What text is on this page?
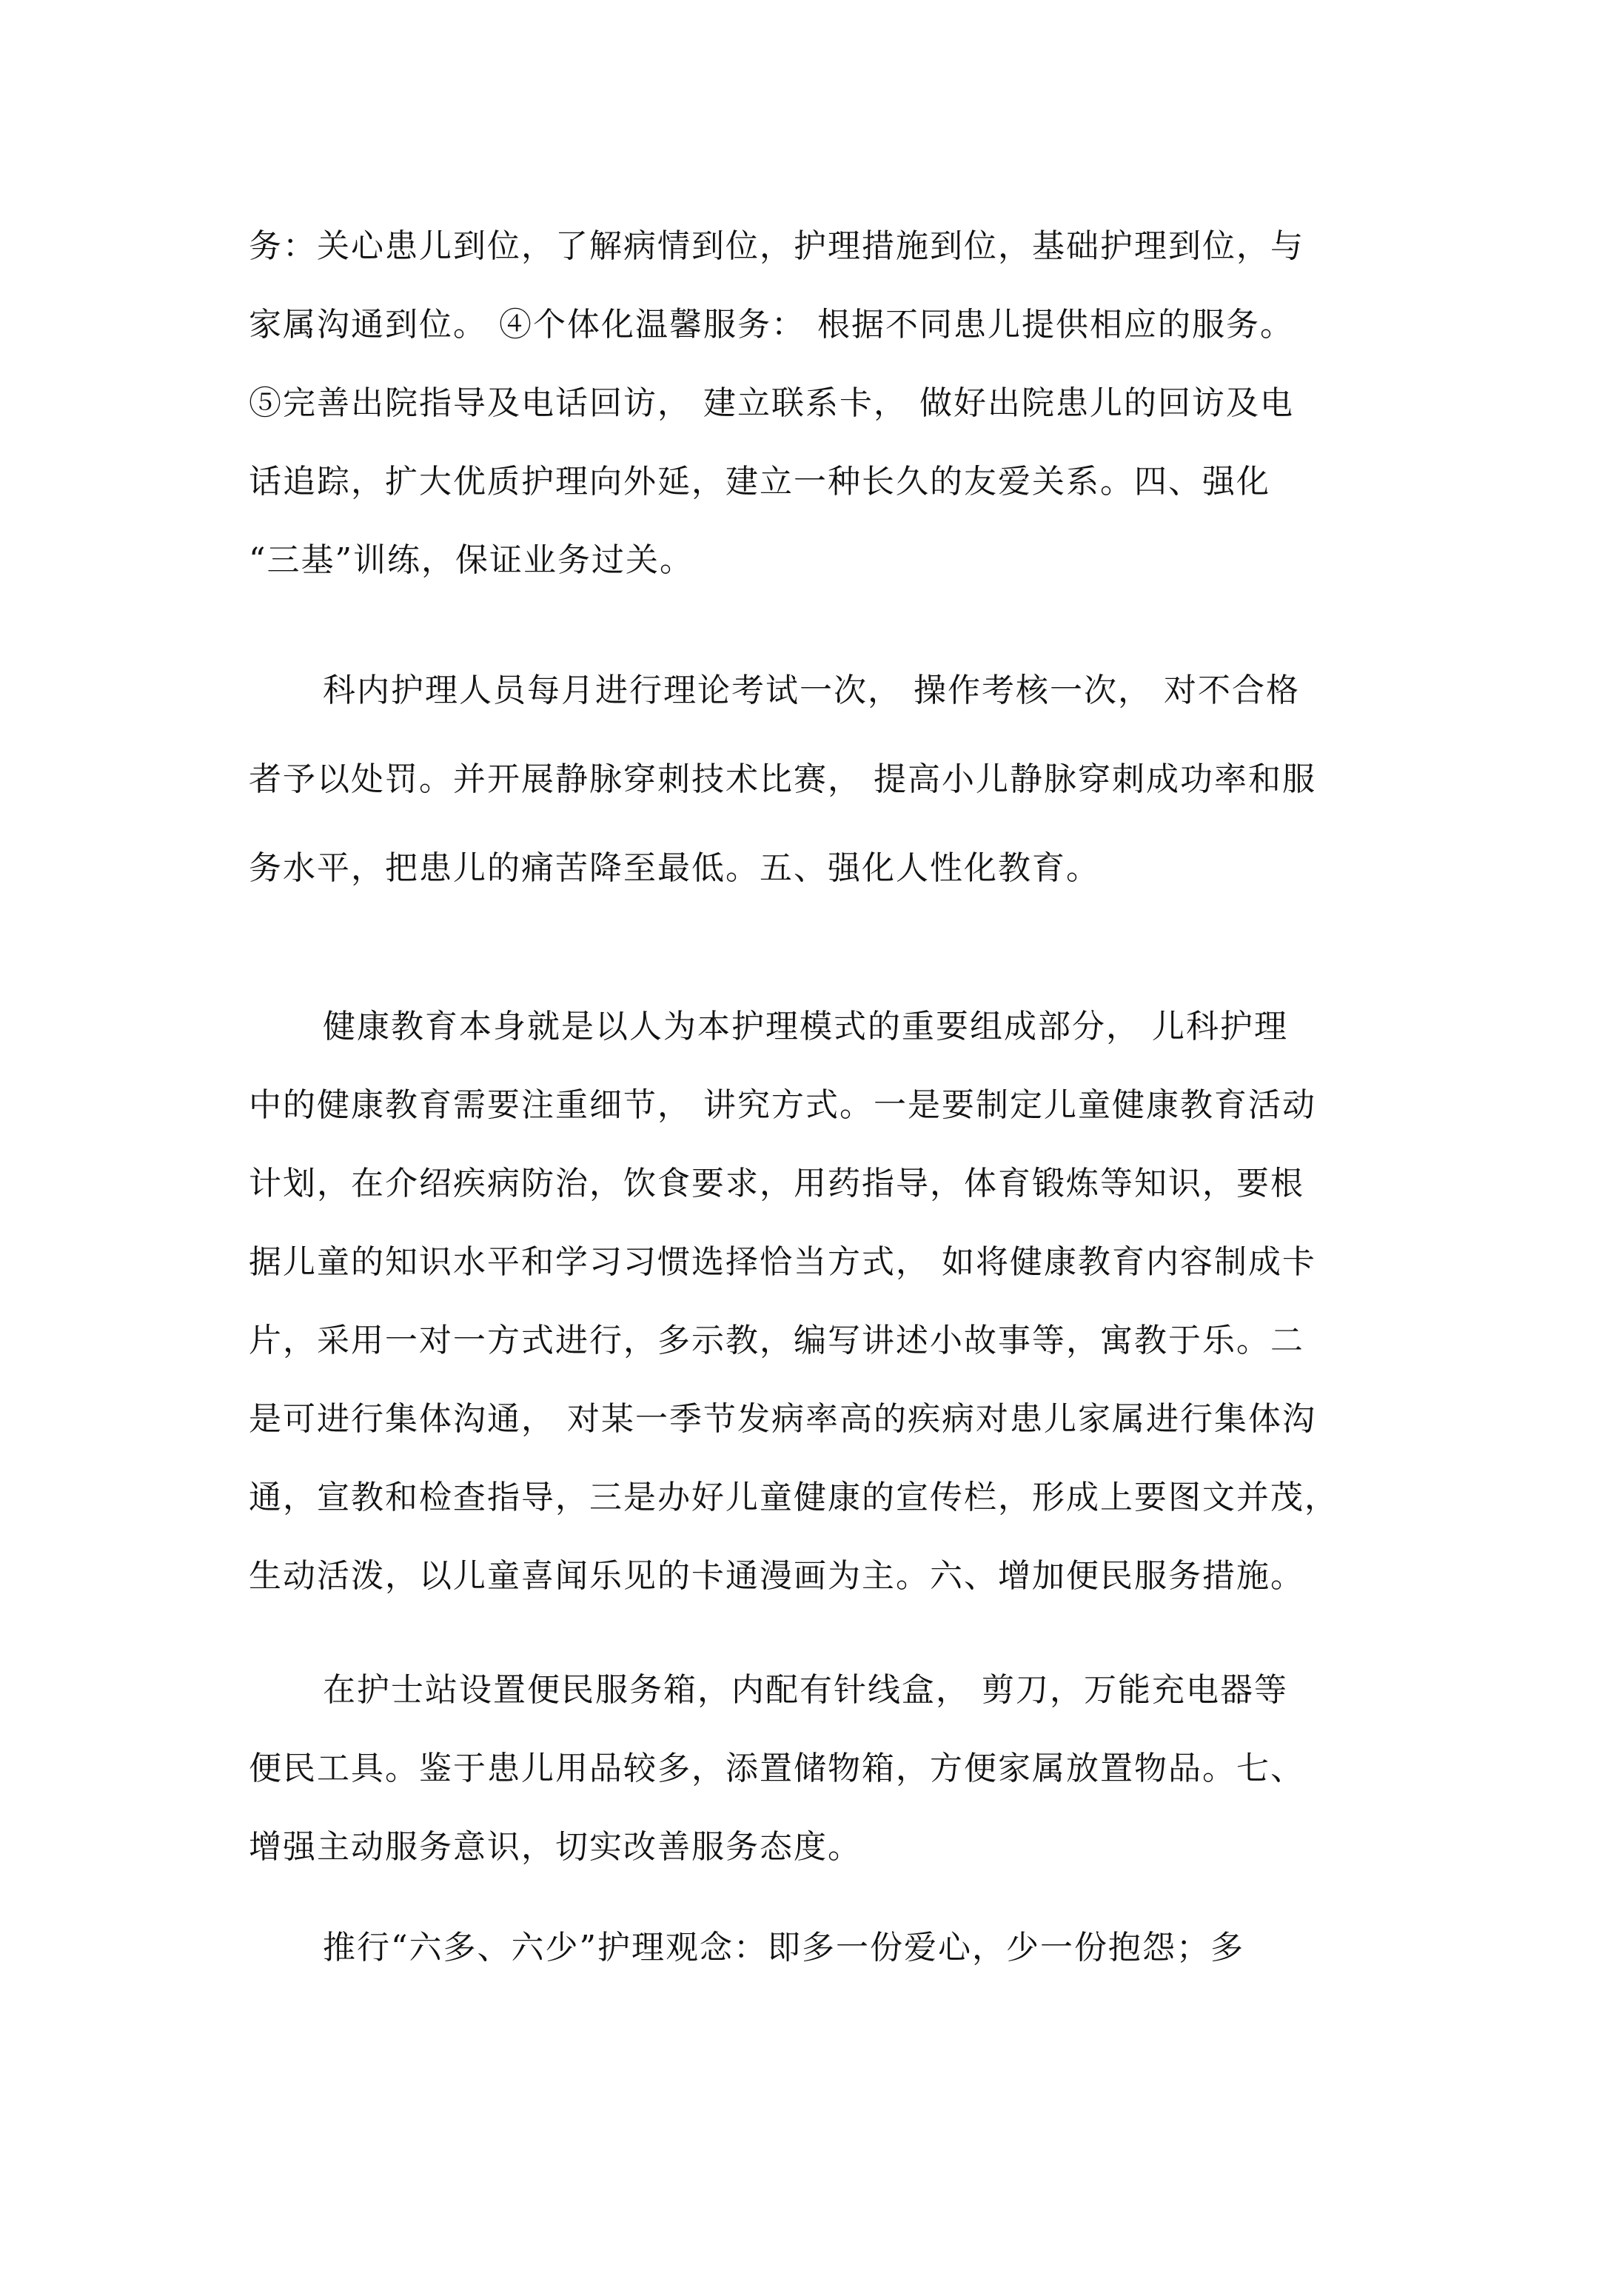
务：关心患儿到位，了解病情到位，护理措施到位，基础护理到位，与
家属沟通到位。 ④个体化温馨服务： 根据不同患儿提供相应的服务。
⑤完善出院指导及电话回访， 建立联系卡， 做好出院患儿的回访及电
话追踪，扩大优质护理向外延，建立一种长久的友爱关系。四、强化
“三基”训练，保证业务过关。
科内护理人员每月进行理论考试一次， 操作考核一次， 对不合格
者予以处罚。并开展静脉穿刺技术比赛， 提高小儿静脉穿刺成功率和服
务水平，把患儿的痛苦降至最低。五、强化人性化教育。
健康教育本身就是以人为本护理模式的重要组成部分， 儿科护理
中的健康教育需要注重细节， 讲究方式。一是要制定儿童健康教育活动
计划，在介绍疾病防治，饮食要求，用药指导，体育锻炼等知识，要根
据儿童的知识水平和学习习惯选择恰当方式， 如将健康教育内容制成卡
片，采用一对一方式进行，多示教，编写讲述小故事等，寓教于乐。二
是可进行集体沟通， 对某一季节发病率高的疾病对患儿家属进行集体沟
通，宣教和检查指导，三是办好儿童健康的宣传栏，形成上要图文并茂，
生动活泼，以儿童喜闻乐见的卡通漫画为主。六、增加便民服务措施。
在护士站设置便民服务箱，内配有针线盒， 剪刀，万能充电器等
便民工具。鉴于患儿用品较多，添置储物箱，方便家属放置物品。七、
增强主动服务意识，切实改善服务态度。
推行“六多、六少”护理观念：即多一份爱心，少一份抱怨；多
